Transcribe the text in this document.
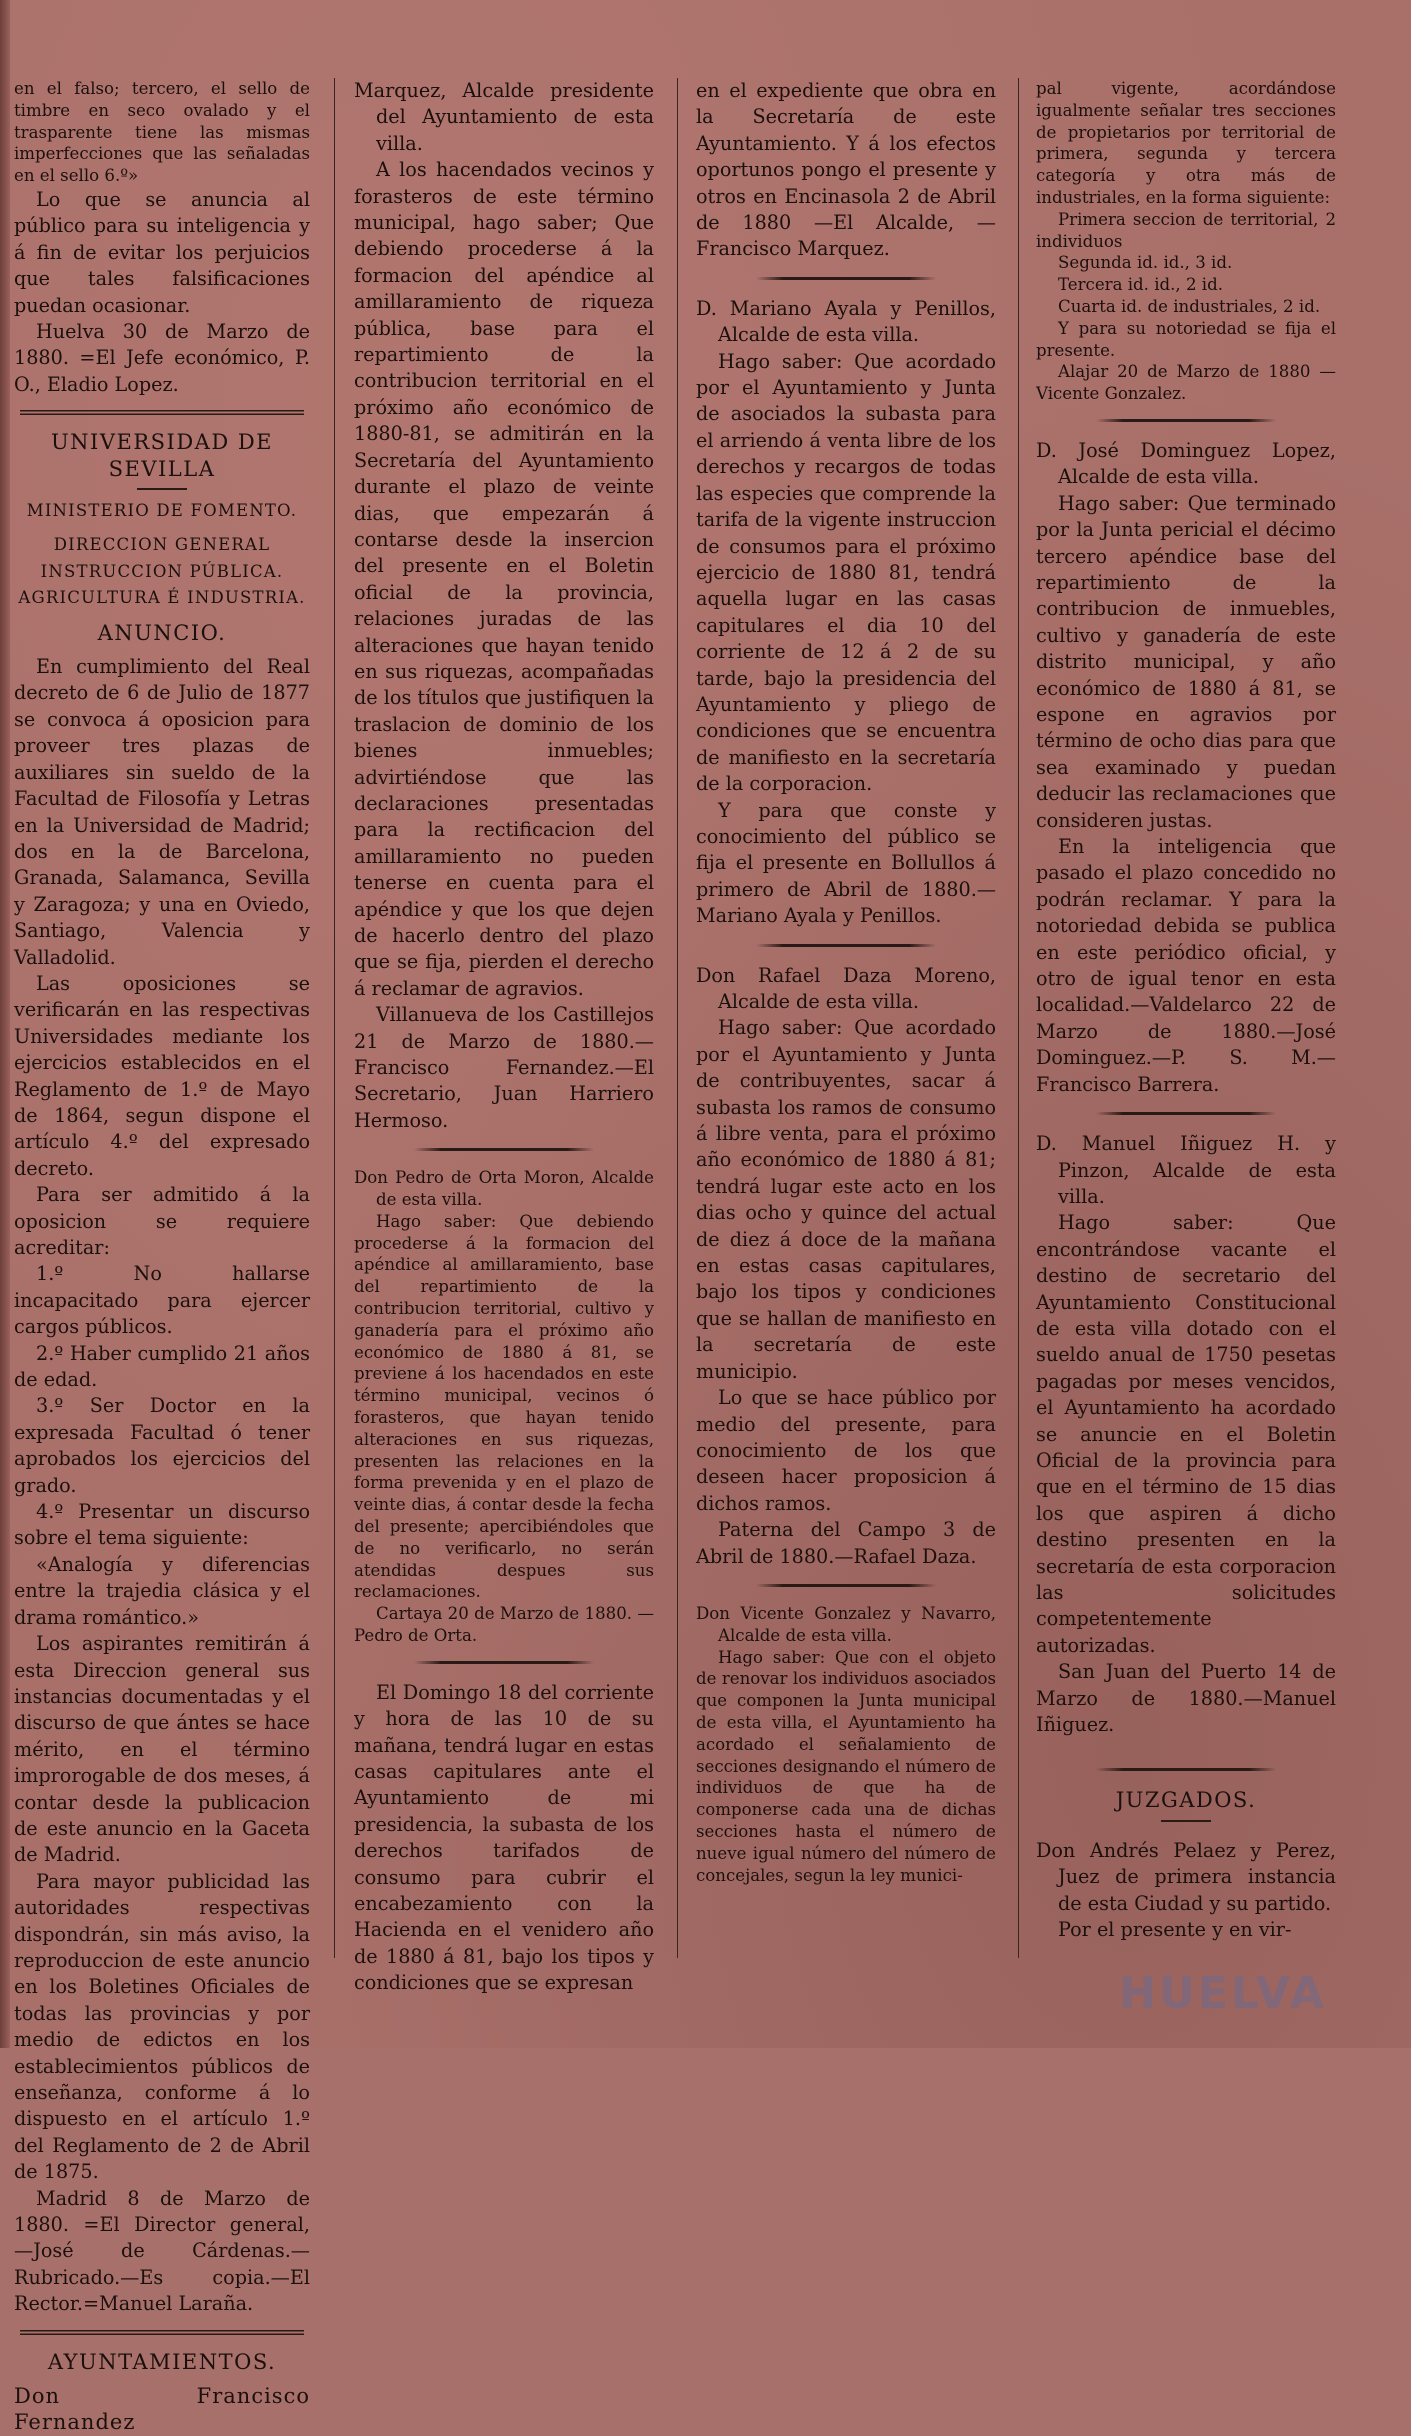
en el falso; tercero, el sello de timbre en seco ovalado y el trasparente tiene las mismas imperfecciones que las señaladas en el sello 6.º»

Lo que se anuncia al público para su inteligencia y á fin de evitar los perjuicios que tales falsificaciones puedan ocasionar.

Huelva 30 de Marzo de 1880. =El Jefe económico, P. O., Eladio Lopez.

UNIVERSIDAD DE SEVILLA
MINISTERIO DE FOMENTO.
DIRECCION GENERAL
INSTRUCCION PÚBLICA. AGRICULTURA É INDUSTRIA.
ANUNCIO.

En cumplimiento del Real decreto de 6 de Julio de 1877 se convoca á oposicion para proveer tres plazas de auxiliares sin sueldo de la Facultad de Filosofía y Letras en la Universidad de Madrid; dos en la de Barcelona, Granada, Salamanca, Sevilla y Zaragoza; y una en Oviedo, Santiago, Valencia y Valladolid.

Las oposiciones se verificarán en las respectivas Universidades mediante los ejercicios establecidos en el Reglamento de 1.º de Mayo de 1864, segun dispone el artículo 4.º del expresado decreto.

Para ser admitido á la oposicion se requiere acreditar:

1.º No hallarse incapacitado para ejercer cargos públicos.

2.º Haber cumplido 21 años de edad.

3.º Ser Doctor en la expresada Facultad ó tener aprobados los ejercicios del grado.

4.º Presentar un discurso sobre el tema siguiente:

«Analogía y diferencias entre la trajedia clásica y el drama romántico.»

Los aspirantes remitirán á esta Direccion general sus instancias documentadas y el discurso de que ántes se hace mérito, en el término improrogable de dos meses, á contar desde la publicacion de este anuncio en la Gaceta de Madrid.

Para mayor publicidad las autoridades respectivas dispondrán, sin más aviso, la reproduccion de este anuncio en los Boletines Oficiales de todas las provincias y por medio de edictos en los establecimientos públicos de enseñanza, conforme á lo dispuesto en el artículo 1.º del Reglamento de 2 de Abril de 1875.

Madrid 8 de Marzo de 1880. =El Director general, —José de Cárdenas.—Rubricado.—Es copia.—El Rector.=Manuel Laraña.

AYUNTAMIENTOS.

Don Francisco Fernandez

Marquez, Alcalde presidente del Ayuntamiento de esta villa.

A los hacendados vecinos y forasteros de este término municipal, hago saber; Que debiendo procederse á la formacion del apéndice al amillaramiento de riqueza pública, base para el repartimiento de la contribucion territorial en el próximo año económico de 1880-81, se admitirán en la Secretaría del Ayuntamiento durante el plazo de veinte dias, que empezarán á contarse desde la insercion del presente en el Boletin oficial de la provincia, relaciones juradas de las alteraciones que hayan tenido en sus riquezas, acompañadas de los títulos que justifiquen la traslacion de dominio de los bienes inmuebles; advirtiéndose que las declaraciones presentadas para la rectificacion del amillaramiento no pueden tenerse en cuenta para el apéndice y que los que dejen de hacerlo dentro del plazo que se fija, pierden el derecho á reclamar de agravios.

Villanueva de los Castillejos 21 de Marzo de 1880.—Francisco Fernandez.—El Secretario, Juan Harriero Hermoso.

Don Pedro de Orta Moron, Alcalde de esta villa.

Hago saber: Que debiendo procederse á la formacion del apéndice al amillaramiento, base del repartimiento de la contribucion territorial, cultivo y ganadería para el próximo año económico de 1880 á 81, se previene á los hacendados en este término municipal, vecinos ó forasteros, que hayan tenido alteraciones en sus riquezas, presenten las relaciones en la forma prevenida y en el plazo de veinte dias, á contar desde la fecha del presente; apercibiéndoles que de no verificarlo, no serán atendidas despues sus reclamaciones.

Cartaya 20 de Marzo de 1880. —Pedro de Orta.

El Domingo 18 del corriente y hora de las 10 de su mañana, tendrá lugar en estas casas capitulares ante el Ayuntamiento de mi presidencia, la subasta de los derechos tarifados de consumo para cubrir el encabezamiento con la Hacienda en el venidero año de 1880 á 81, bajo los tipos y condiciones que se expresan

en el expediente que obra en la Secretaría de este Ayuntamiento. Y á los efectos oportunos pongo el presente y otros en Encinasola 2 de Abril de 1880 —El Alcalde, —Francisco Marquez.

D. Mariano Ayala y Penillos, Alcalde de esta villa.

Hago saber: Que acordado por el Ayuntamiento y Junta de asociados la subasta para el arriendo á venta libre de los derechos y recargos de todas las especies que comprende la tarifa de la vigente instruccion de consumos para el próximo ejercicio de 1880 81, tendrá aquella lugar en las casas capitulares el dia 10 del corriente de 12 á 2 de su tarde, bajo la presidencia del Ayuntamiento y pliego de condiciones que se encuentra de manifiesto en la secretaría de la corporacion.

Y para que conste y conocimiento del público se fija el presente en Bollullos á primero de Abril de 1880.—Mariano Ayala y Penillos.

Don Rafael Daza Moreno, Alcalde de esta villa.

Hago saber: Que acordado por el Ayuntamiento y Junta de contribuyentes, sacar á subasta los ramos de consumo á libre venta, para el próximo año económico de 1880 á 81; tendrá lugar este acto en los dias ocho y quince del actual de diez á doce de la mañana en estas casas capitulares, bajo los tipos y condiciones que se hallan de manifiesto en la secretaría de este municipio.

Lo que se hace público por medio del presente, para conocimiento de los que deseen hacer proposicion á dichos ramos.

Paterna del Campo 3 de Abril de 1880.—Rafael Daza.

Don Vicente Gonzalez y Navarro, Alcalde de esta villa.

Hago saber: Que con el objeto de renovar los individuos asociados que componen la Junta municipal de esta villa, el Ayuntamiento ha acordado el señalamiento de secciones designando el número de individuos de que ha de componerse cada una de dichas secciones hasta el número de nueve igual número del número de concejales, segun la ley munici-

pal vigente, acordándose igualmente señalar tres secciones de propietarios por territorial de primera, segunda y tercera categoría y otra más de industriales, en la forma siguiente:

Primera seccion de territorial, 2 individuos

Segunda id. id., 3 id.

Tercera id. id., 2 id.

Cuarta id. de industriales, 2 id.

Y para su notoriedad se fija el presente.

Alajar 20 de Marzo de 1880 — Vicente Gonzalez.

D. José Dominguez Lopez, Alcalde de esta villa.

Hago saber: Que terminado por la Junta pericial el décimo tercero apéndice base del repartimiento de la contribucion de inmuebles, cultivo y ganadería de este distrito municipal, y año económico de 1880 á 81, se espone en agravios por término de ocho dias para que sea examinado y puedan deducir las reclamaciones que consideren justas.

En la inteligencia que pasado el plazo concedido no podrán reclamar. Y para la notoriedad debida se publica en este periódico oficial, y otro de igual tenor en esta localidad.—Valdelarco 22 de Marzo de 1880.—José Dominguez.—P. S. M.—Francisco Barrera.

D. Manuel Iñiguez H. y Pinzon, Alcalde de esta villa.

Hago saber: Que encontrándose vacante el destino de secretario del Ayuntamiento Constitucional de esta villa dotado con el sueldo anual de 1750 pesetas pagadas por meses vencidos, el Ayuntamiento ha acordado se anuncie en el Boletin Oficial de la provincia para que en el término de 15 dias los que aspiren á dicho destino presenten en la secretaría de esta corporacion las solicitudes competentemente autorizadas.

San Juan del Puerto 14 de Marzo de 1880.—Manuel Iñiguez.

JUZGADOS.

Don Andrés Pelaez y Perez, Juez de primera instancia de esta Ciudad y su partido.

Por el presente y en vir-

HUELVA
